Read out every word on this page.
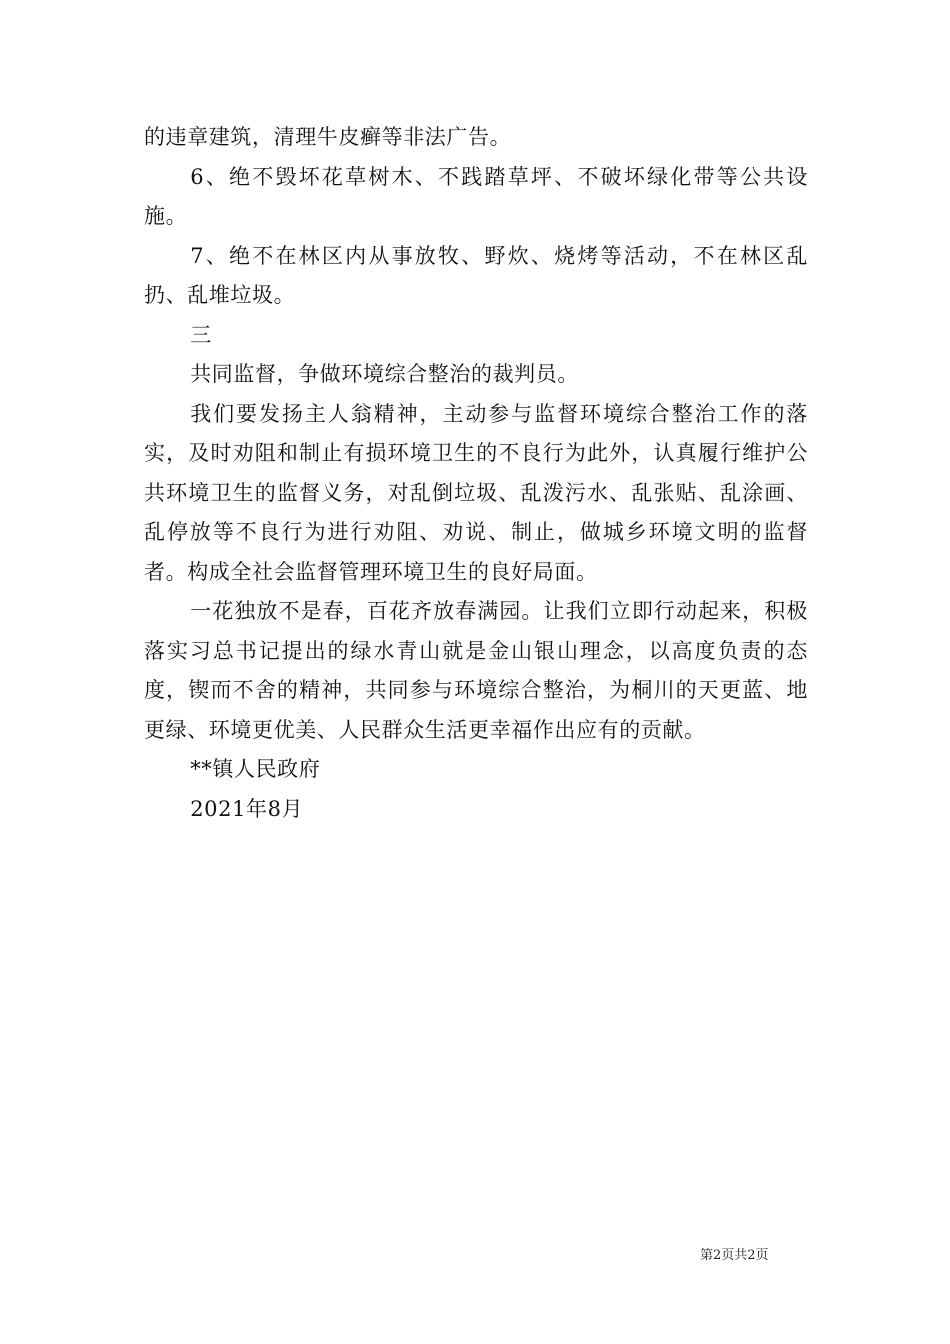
的违章建筑，清理牛皮癣等非法广告。

6、绝不毁坏花草树木、不践踏草坪、不破坏绿化带等公共设施。

7、绝不在林区内从事放牧、野炊、烧烤等活动，不在林区乱扔、乱堆垃圾。

三

共同监督，争做环境综合整治的裁判员。

我们要发扬主人翁精神，主动参与监督环境综合整治工作的落实，及时劝阻和制止有损环境卫生的不良行为此外，认真履行维护公共环境卫生的监督义务，对乱倒垃圾、乱泼污水、乱张贴、乱涂画、乱停放等不良行为进行劝阻、劝说、制止，做城乡环境文明的监督者。构成全社会监督管理环境卫生的良好局面。

一花独放不是春，百花齐放春满园。让我们立即行动起来，积极落实习总书记提出的绿水青山就是金山银山理念，以高度负责的态度，锲而不舍的精神，共同参与环境综合整治，为桐川的天更蓝、地更绿、环境更优美、人民群众生活更幸福作出应有的贡献。

**镇人民政府

2021年8月

第2页共2页
